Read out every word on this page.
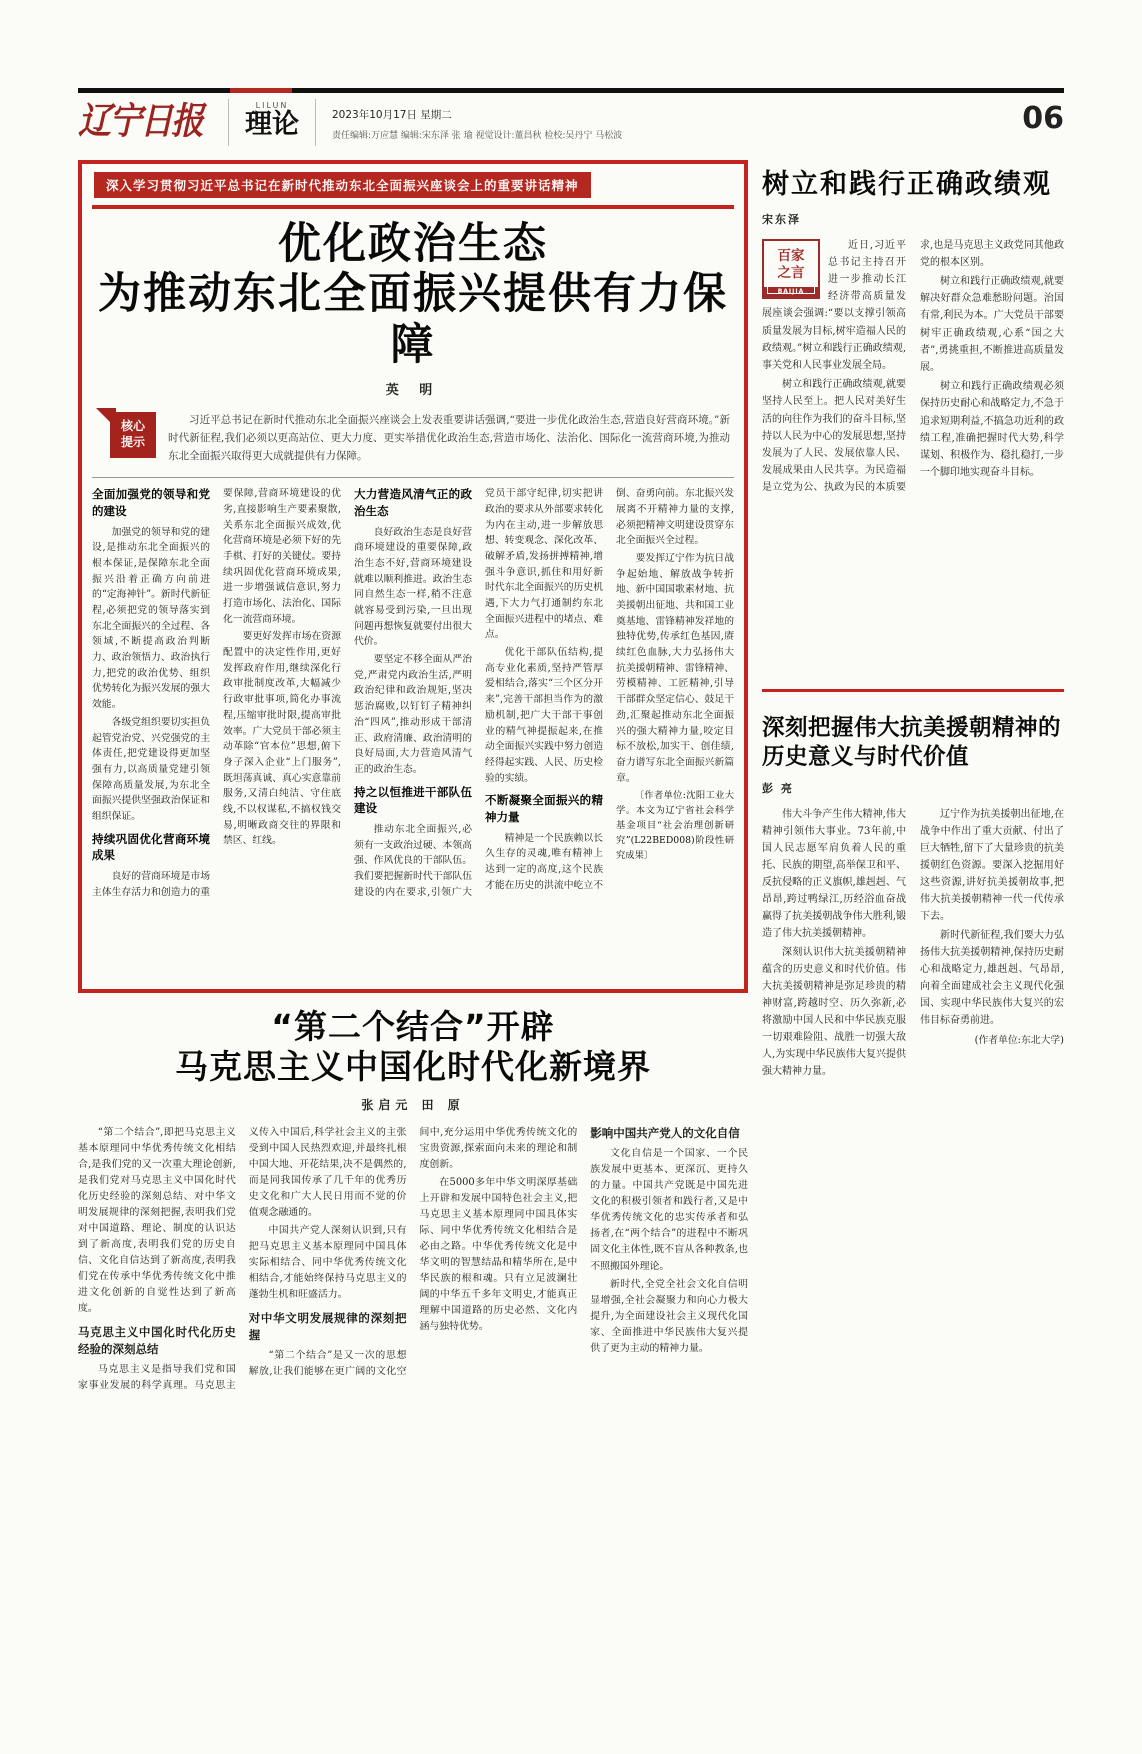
辽宁日报	LILUN
理论	2023年10月17日 星期二
责任编辑:万应慧 编辑:宋东泽 张 瑜 视觉设计:董昌秋 检校:吴丹宁 马松波	06
深入学习贯彻习近平总书记在新时代推动东北全面振兴座谈会上的重要讲话精神
优化政治生态
为推动东北全面振兴提供有力保障
英 明
核心
提示
习近平总书记在新时代推动东北全面振兴座谈会上发表重要讲话强调,“要进一步优化政治生态,营造良好营商环境。”新时代新征程,我们必须以更高站位、更大力度、更实举措优化政治生态,营造市场化、法治化、国际化一流营商环境,为推动东北全面振兴取得更大成就提供有力保障。
全面加强党的领导和党的建设

加强党的领导和党的建设,是推动东北全面振兴的根本保证,是保障东北全面振兴沿着正确方向前进的“定海神针”。新时代新征程,必须把党的领导落实到东北全面振兴的全过程、各领域,不断提高政治判断力、政治领悟力、政治执行力,把党的政治优势、组织优势转化为振兴发展的强大效能。

各级党组织要切实担负起管党治党、兴党强党的主体责任,把党建设得更加坚强有力,以高质量党建引领保障高质量发展,为东北全面振兴提供坚强政治保证和组织保证。

持续巩固优化营商环境成果

良好的营商环境是市场主体生存活力和创造力的重要保障,营商环境建设的优劣,直接影响生产要素聚散,关系东北全面振兴成效,优化营商环境是必须下好的先手棋、打好的关键仗。要持续巩固优化营商环境成果,进一步增强诚信意识,努力打造市场化、法治化、国际化一流营商环境。

要更好发挥市场在资源配置中的决定性作用,更好发挥政府作用,继续深化行政审批制度改革,大幅减少行政审批事项,简化办事流程,压缩审批时限,提高审批效率。广大党员干部必须主动革除“官本位”思想,俯下身子深入企业“上门服务”,既坦荡真诚、真心实意靠前服务,又清白纯洁、守住底线,不以权谋私,不搞权钱交易,明晰政商交往的界限和禁区、红线。

大力营造风清气正的政治生态

良好政治生态是良好营商环境建设的重要保障,政治生态不好,营商环境建设就难以顺利推进。政治生态同自然生态一样,稍不注意就容易受到污染,一旦出现问题再想恢复就要付出很大代价。

要坚定不移全面从严治党,严肃党内政治生活,严明政治纪律和政治规矩,坚决惩治腐败,以钉钉子精神纠治“四风”,推动形成干部清正、政府清廉、政治清明的良好局面,大力营造风清气正的政治生态。

持之以恒推进干部队伍建设

推动东北全面振兴,必须有一支政治过硬、本领高强、作风优良的干部队伍。我们要把握新时代干部队伍建设的内在要求,引领广大党员干部守纪律,切实把讲政治的要求从外部要求转化为内在主动,进一步解放思想、转变观念、深化改革、破解矛盾,发扬拼搏精神,增强斗争意识,抓住和用好新时代东北全面振兴的历史机遇,下大力气打通制约东北全面振兴进程中的堵点、难点。

优化干部队伍结构,提高专业化素质,坚持严管厚爱相结合,落实“三个区分开来”,完善干部担当作为的激励机制,把广大干部干事创业的精气神提振起来,在推动全面振兴实践中努力创造经得起实践、人民、历史检验的实绩。

不断凝聚全面振兴的精神力量

精神是一个民族赖以长久生存的灵魂,唯有精神上达到一定的高度,这个民族才能在历史的洪流中屹立不倒、奋勇向前。东北振兴发展离不开精神力量的支撑,必须把精神文明建设贯穿东北全面振兴全过程。

要发挥辽宁作为抗日战争起始地、解放战争转折地、新中国国歌素材地、抗美援朝出征地、共和国工业奠基地、雷锋精神发祥地的独特优势,传承红色基因,赓续红色血脉,大力弘扬伟大抗美援朝精神、雷锋精神、劳模精神、工匠精神,引导干部群众坚定信心、鼓足干劲,汇聚起推动东北全面振兴的强大精神力量,咬定目标不放松,加实干、创佳绩,奋力谱写东北全面振兴新篇章。

〔作者单位:沈阳工业大学。本文为辽宁省社会科学基金项目“社会治理创新研究”(L22BED008)阶段性研究成果〕

“第二个结合”开辟
马克思主义中国化时代化新境界
张启元 田 原

“第二个结合”,即把马克思主义基本原理同中华优秀传统文化相结合,是我们党的又一次重大理论创新,是我们党对马克思主义中国化时代化历史经验的深刻总结、对中华文明发展规律的深刻把握,表明我们党对中国道路、理论、制度的认识达到了新高度,表明我们党的历史自信、文化自信达到了新高度,表明我们党在传承中华优秀传统文化中推进文化创新的自觉性达到了新高度。

马克思主义中国化时代化历史经验的深刻总结

马克思主义是指导我们党和国家事业发展的科学真理。马克思主义传入中国后,科学社会主义的主张受到中国人民热烈欢迎,并最终扎根中国大地、开花结果,决不是偶然的,而是同我国传承了几千年的优秀历史文化和广大人民日用而不觉的价值观念融通的。

中国共产党人深刻认识到,只有把马克思主义基本原理同中国具体实际相结合、同中华优秀传统文化相结合,才能始终保持马克思主义的蓬勃生机和旺盛活力。

对中华文明发展规律的深刻把握

“第二个结合”是又一次的思想解放,让我们能够在更广阔的文化空间中,充分运用中华优秀传统文化的宝贵资源,探索面向未来的理论和制度创新。

在5000多年中华文明深厚基础上开辟和发展中国特色社会主义,把马克思主义基本原理同中国具体实际、同中华优秀传统文化相结合是必由之路。中华优秀传统文化是中华文明的智慧结晶和精华所在,是中华民族的根和魂。只有立足波澜壮阔的中华五千多年文明史,才能真正理解中国道路的历史必然、文化内涵与独特优势。

影响中国共产党人的文化自信

文化自信是一个国家、一个民族发展中更基本、更深沉、更持久的力量。中国共产党既是中国先进文化的积极引领者和践行者,又是中华优秀传统文化的忠实传承者和弘扬者,在“两个结合”的进程中不断巩固文化主体性,既不盲从各种教条,也不照搬国外理论。

新时代,全党全社会文化自信明显增强,全社会凝聚力和向心力极大提升,为全面建设社会主义现代化国家、全面推进中华民族伟大复兴提供了更为主动的精神力量。

树立和践行正确政绩观
宋东泽
百家
之言
BAIJIA

近日,习近平总书记主持召开进一步推动长江经济带高质量发展座谈会强调:“要以支撑引领高质量发展为目标,树牢造福人民的政绩观。”树立和践行正确政绩观,事关党和人民事业发展全局。

树立和践行正确政绩观,就要坚持人民至上。把人民对美好生活的向往作为我们的奋斗目标,坚持以人民为中心的发展思想,坚持发展为了人民、发展依靠人民、发展成果由人民共享。为民造福是立党为公、执政为民的本质要求,也是马克思主义政党同其他政党的根本区别。

树立和践行正确政绩观,就要解决好群众急难愁盼问题。治国有常,利民为本。广大党员干部要树牢正确政绩观,心系“国之大者”,勇挑重担,不断推进高质量发展。

树立和践行正确政绩观必须保持历史耐心和战略定力,不急于追求短期利益,不搞急功近利的政绩工程,准确把握时代大势,科学谋划、积极作为、稳扎稳打,一步一个脚印地实现奋斗目标。

深刻把握伟大抗美援朝精神的
历史意义与时代价值
彭 亮

伟大斗争产生伟大精神,伟大精神引领伟大事业。73年前,中国人民志愿军肩负着人民的重托、民族的期望,高举保卫和平、反抗侵略的正义旗帜,雄赳赳、气昂昂,跨过鸭绿江,历经浴血奋战赢得了抗美援朝战争伟大胜利,锻造了伟大抗美援朝精神。

深刻认识伟大抗美援朝精神蕴含的历史意义和时代价值。伟大抗美援朝精神是弥足珍贵的精神财富,跨越时空、历久弥新,必将激励中国人民和中华民族克服一切艰难险阻、战胜一切强大敌人,为实现中华民族伟大复兴提供强大精神力量。

辽宁作为抗美援朝出征地,在战争中作出了重大贡献、付出了巨大牺牲,留下了大量珍贵的抗美援朝红色资源。要深入挖掘用好这些资源,讲好抗美援朝故事,把伟大抗美援朝精神一代一代传承下去。

新时代新征程,我们要大力弘扬伟大抗美援朝精神,保持历史耐心和战略定力,雄赳赳、气昂昂,向着全面建成社会主义现代化强国、实现中华民族伟大复兴的宏伟目标奋勇前进。

(作者单位:东北大学)
